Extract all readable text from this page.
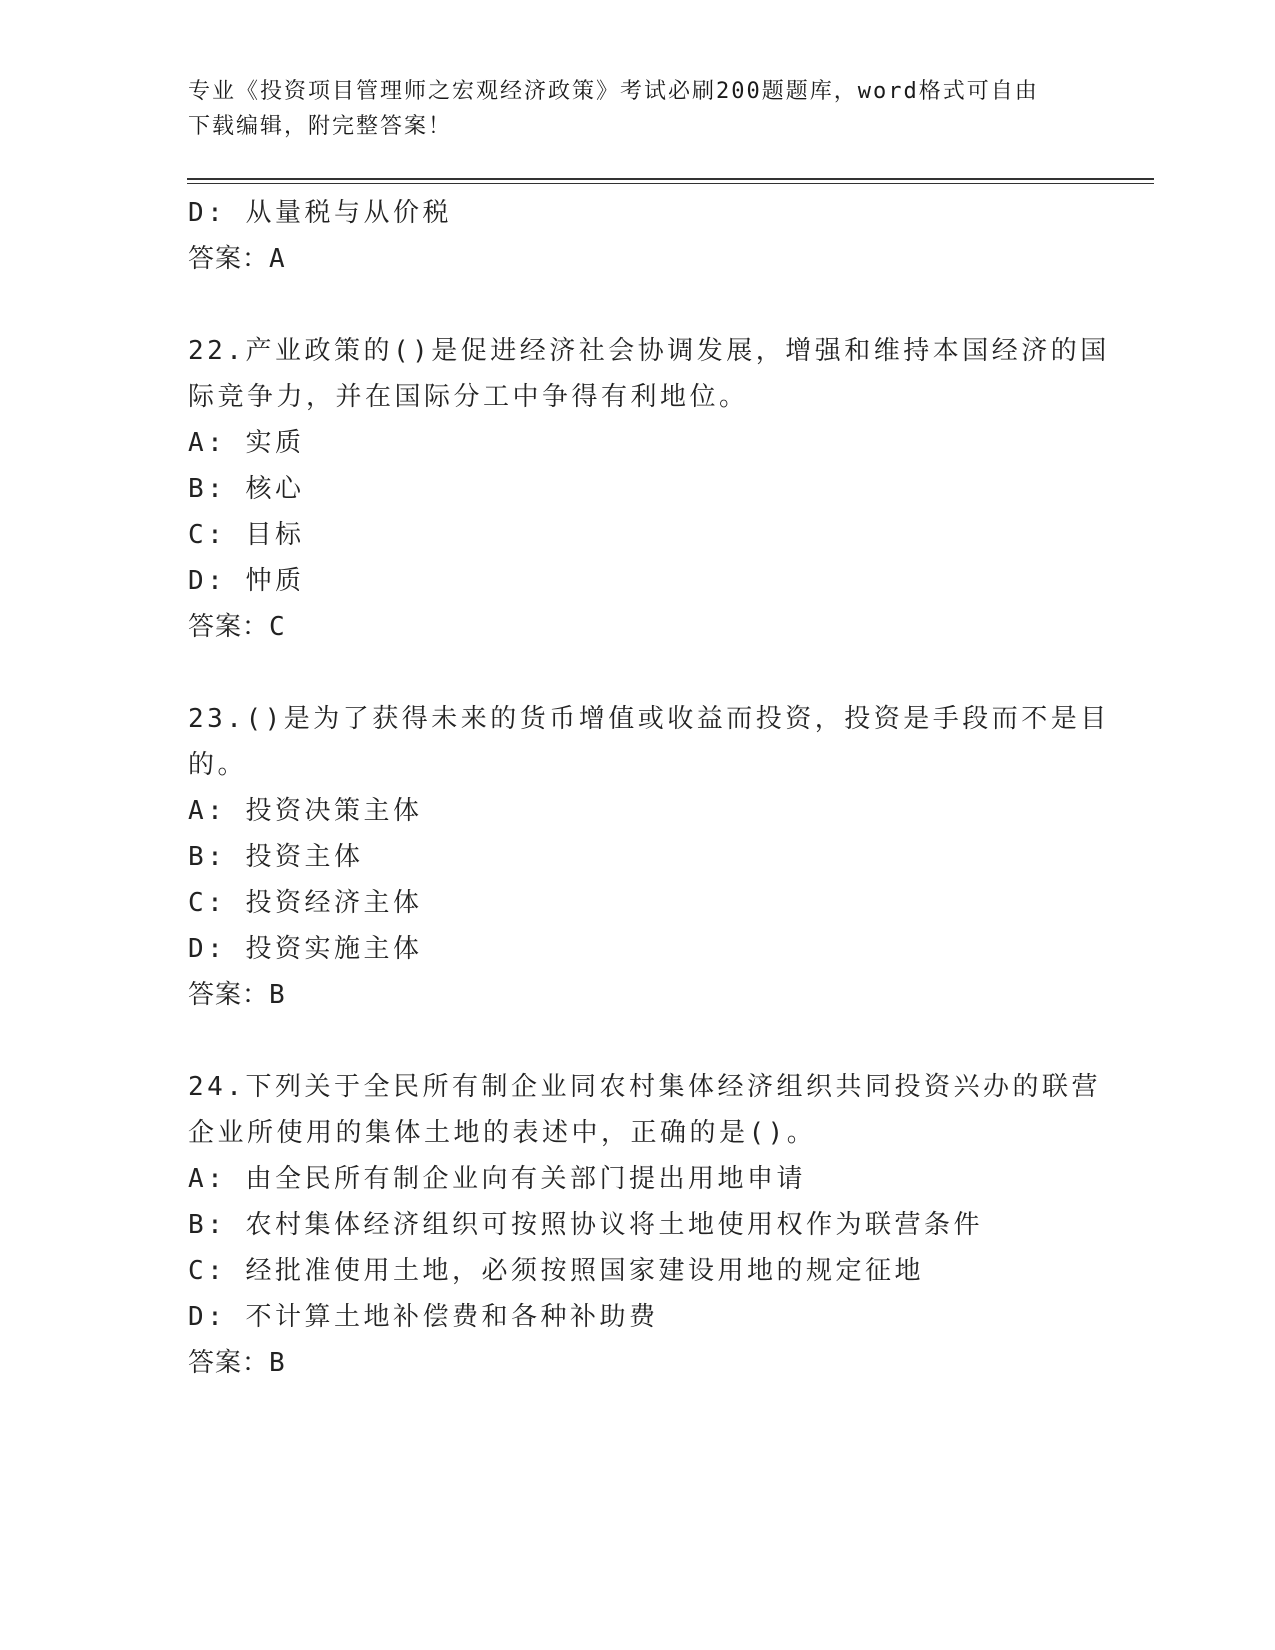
专业《投资项目管理师之宏观经济政策》考试必刷200题题库，word格式可自由
下载编辑，附完整答案！
D: 从量税与从价税
答案：A
22.产业政策的()是促进经济社会协调发展，增强和维持本国经济的国
际竞争力，并在国际分工中争得有利地位。
A: 实质
B: 核心
C: 目标
D: 忡质
答案：C
23.()是为了获得未来的货币增值或收益而投资，投资是手段而不是目
的。
A: 投资决策主体
B: 投资主体
C: 投资经济主体
D: 投资实施主体
答案：B
24.下列关于全民所有制企业同农村集体经济组织共同投资兴办的联营
企业所使用的集体土地的表述中，正确的是()。
A: 由全民所有制企业向有关部门提出用地申请
B: 农村集体经济组织可按照协议将土地使用权作为联营条件
C: 经批准使用土地，必须按照国家建设用地的规定征地
D: 不计算土地补偿费和各种补助费
答案：B
